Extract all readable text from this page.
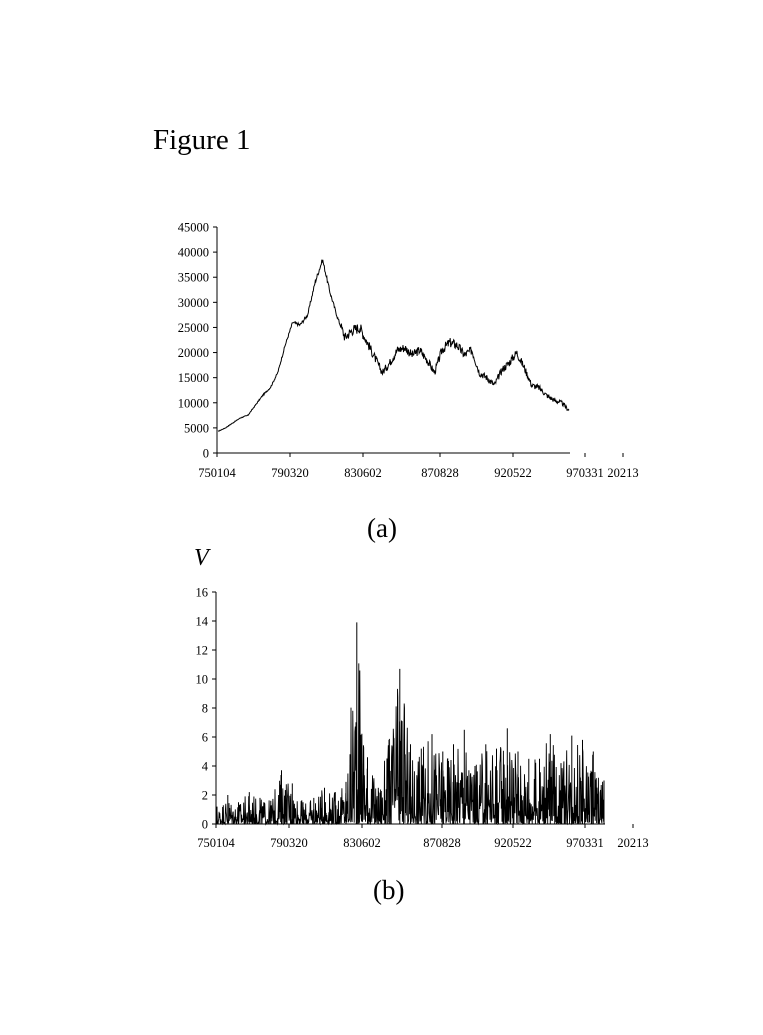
Figure 1
0
5000
10000
15000
20000
25000
30000
35000
40000
45000
750104	790320	830602	870828	920522	970331 20213
(a)
V
0
2
4
6
8
10
12
14
16
750104	790320	830602	870828	920522	970331 20213
(b)
